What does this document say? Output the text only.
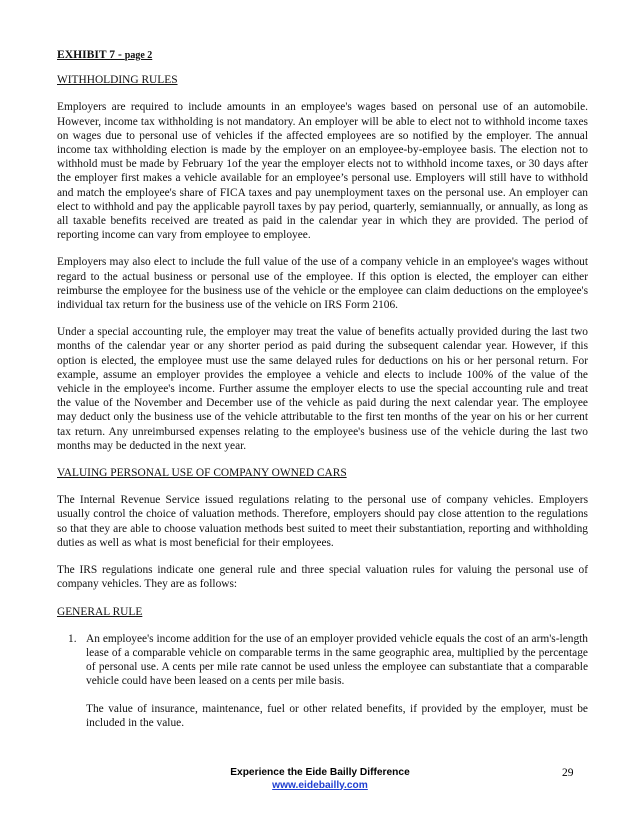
EXHIBIT 7 - page 2
WITHHOLDING RULES

Employers are required to include amounts in an employee's wages based on personal use of an automobile. However, income tax withholding is not mandatory. An employer will be able to elect not to withhold income taxes on wages due to personal use of vehicles if the affected employees are so notified by the employer. The annual income tax withholding election is made by the employer on an employee-by-employee basis. The election not to withhold must be made by February 1of the year the employer elects not to withhold income taxes, or 30 days after the employer first makes a vehicle available for an employee’s personal use. Employers will still have to withhold and match the employee's share of FICA taxes and pay unemployment taxes on the personal use. An employer can elect to withhold and pay the applicable payroll taxes by pay period, quarterly, semiannually, or annually, as long as all taxable benefits received are treated as paid in the calendar year in which they are provided. The period of reporting income can vary from employee to employee.

Employers may also elect to include the full value of the use of a company vehicle in an employee's wages without regard to the actual business or personal use of the employee. If this option is elected, the employer can either reimburse the employee for the business use of the vehicle or the employee can claim deductions on the employee's individual tax return for the business use of the vehicle on IRS Form 2106.

Under a special accounting rule, the employer may treat the value of benefits actually provided during the last two months of the calendar year or any shorter period as paid during the subsequent calendar year. However, if this option is elected, the employee must use the same delayed rules for deductions on his or her personal return. For example, assume an employer provides the employee a vehicle and elects to include 100% of the value of the vehicle in the employee's income. Further assume the employer elects to use the special accounting rule and treat the value of the November and December use of the vehicle as paid during the next calendar year. The employee may deduct only the business use of the vehicle attributable to the first ten months of the year on his or her current tax return. Any unreimbursed expenses relating to the employee's business use of the vehicle during the last two months may be deducted in the next year.

VALUING PERSONAL USE OF COMPANY OWNED CARS

The Internal Revenue Service issued regulations relating to the personal use of company vehicles. Employers usually control the choice of valuation methods. Therefore, employers should pay close attention to the regulations so that they are able to choose valuation methods best suited to meet their substantiation, reporting and withholding duties as well as what is most beneficial for their employees.

The IRS regulations indicate one general rule and three special valuation rules for valuing the personal use of company vehicles. They are as follows:

GENERAL RULE
1. An employee's income addition for the use of an employer provided vehicle equals the cost of an arm's-length lease of a comparable vehicle on comparable terms in the same geographic area, multiplied by the percentage of personal use. A cents per mile rate cannot be used unless the employee can substantiate that a comparable vehicle could have been leased on a cents per mile basis.

The value of insurance, maintenance, fuel or other related benefits, if provided by the employer, must be included in the value.

Experience the Eide Bailly Difference
www.eidebailly.com
29
